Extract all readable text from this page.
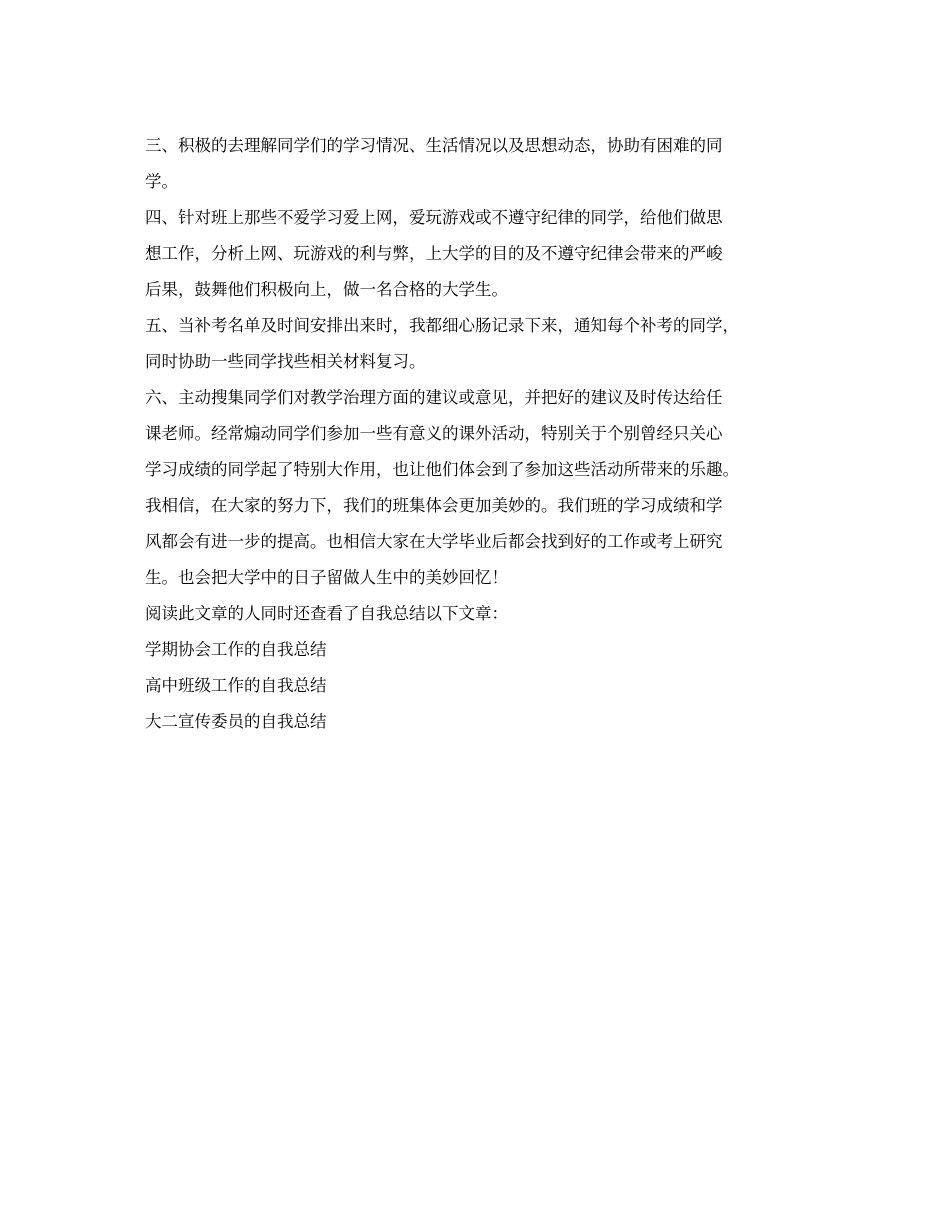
三、积极的去理解同学们的学习情况、生活情况以及思想动态，协助有困难的同
学。
四、针对班上那些不爱学习爱上网，爱玩游戏或不遵守纪律的同学，给他们做思
想工作，分析上网、玩游戏的利与弊，上大学的目的及不遵守纪律会带来的严峻
后果，鼓舞他们积极向上，做一名合格的大学生。
五、当补考名单及时间安排出来时，我都细心肠记录下来，通知每个补考的同学，
同时协助一些同学找些相关材料复习。
六、主动搜集同学们对教学治理方面的建议或意见，并把好的建议及时传达给任
课老师。经常煽动同学们参加一些有意义的课外活动，特别关于个别曾经只关心
学习成绩的同学起了特别大作用，也让他们体会到了参加这些活动所带来的乐趣。
我相信，在大家的努力下，我们的班集体会更加美妙的。我们班的学习成绩和学
风都会有进一步的提高。也相信大家在大学毕业后都会找到好的工作或考上研究
生。也会把大学中的日子留做人生中的美妙回忆！
阅读此文章的人同时还查看了自我总结以下文章：
学期协会工作的自我总结
高中班级工作的自我总结
大二宣传委员的自我总结
